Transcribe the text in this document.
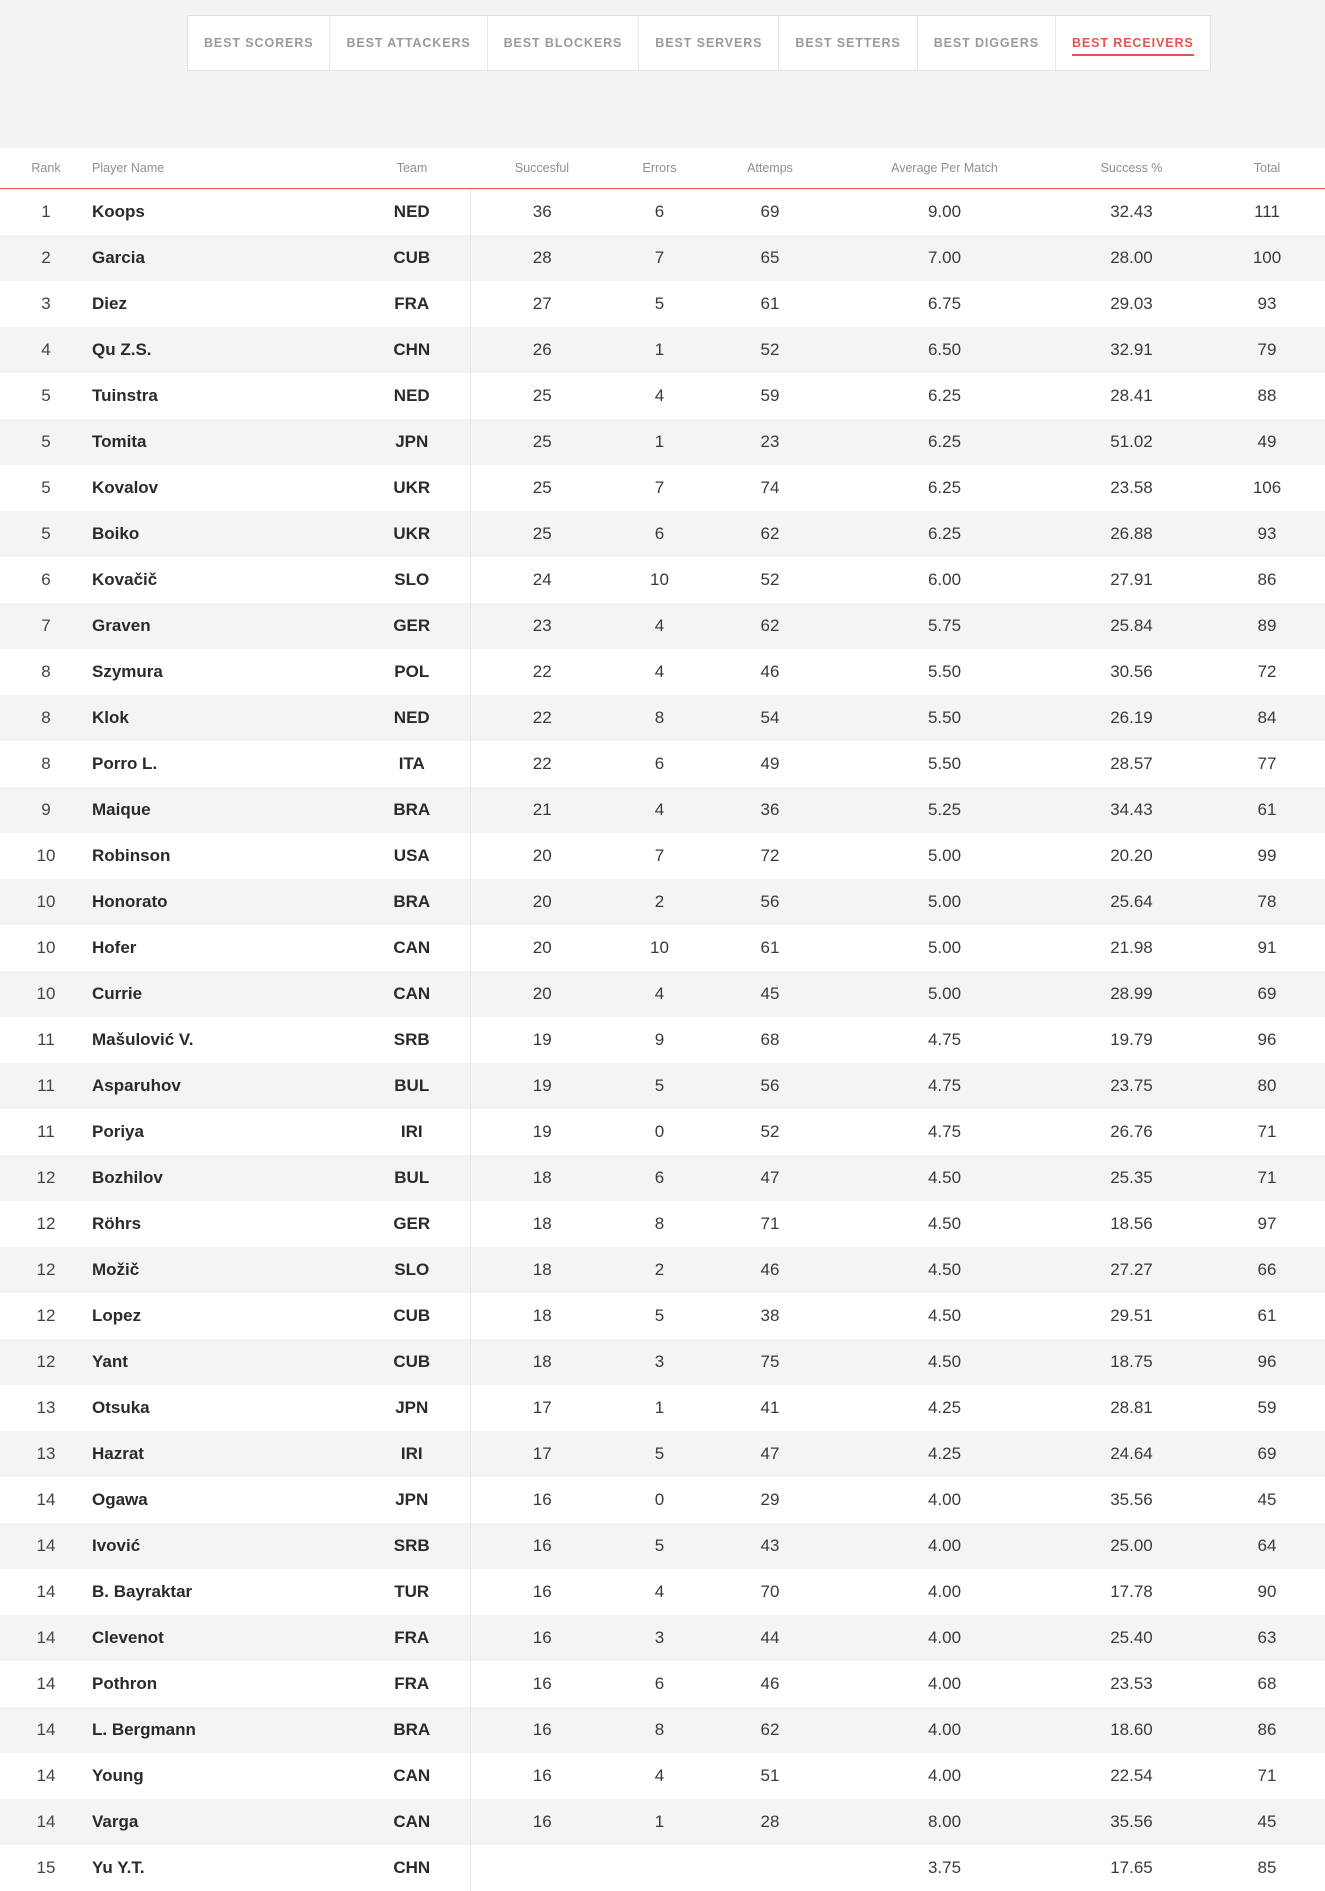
BEST SCORERS	BEST ATTACKERS	BEST BLOCKERS	BEST SERVERS	BEST SETTERS	BEST DIGGERS	BEST RECEIVERS
Rank	Player Name	Team	Succesful	Errors	Attemps	Average Per Match	Success %	Total
1	Koops	NED	36	6	69	9.00	32.43	111
2	Garcia	CUB	28	7	65	7.00	28.00	100
3	Diez	FRA	27	5	61	6.75	29.03	93
4	Qu Z.S.	CHN	26	1	52	6.50	32.91	79
5	Tuinstra	NED	25	4	59	6.25	28.41	88
5	Tomita	JPN	25	1	23	6.25	51.02	49
5	Kovalov	UKR	25	7	74	6.25	23.58	106
5	Boiko	UKR	25	6	62	6.25	26.88	93
6	Kovačič	SLO	24	10	52	6.00	27.91	86
7	Graven	GER	23	4	62	5.75	25.84	89
8	Szymura	POL	22	4	46	5.50	30.56	72
8	Klok	NED	22	8	54	5.50	26.19	84
8	Porro L.	ITA	22	6	49	5.50	28.57	77
9	Maique	BRA	21	4	36	5.25	34.43	61
10	Robinson	USA	20	7	72	5.00	20.20	99
10	Honorato	BRA	20	2	56	5.00	25.64	78
10	Hofer	CAN	20	10	61	5.00	21.98	91
10	Currie	CAN	20	4	45	5.00	28.99	69
11	Mašulović V.	SRB	19	9	68	4.75	19.79	96
11	Asparuhov	BUL	19	5	56	4.75	23.75	80
11	Poriya	IRI	19	0	52	4.75	26.76	71
12	Bozhilov	BUL	18	6	47	4.50	25.35	71
12	Röhrs	GER	18	8	71	4.50	18.56	97
12	Možič	SLO	18	2	46	4.50	27.27	66
12	Lopez	CUB	18	5	38	4.50	29.51	61
12	Yant	CUB	18	3	75	4.50	18.75	96
13	Otsuka	JPN	17	1	41	4.25	28.81	59
13	Hazrat	IRI	17	5	47	4.25	24.64	69
14	Ogawa	JPN	16	0	29	4.00	35.56	45
14	Ivović	SRB	16	5	43	4.00	25.00	64
14	B. Bayraktar	TUR	16	4	70	4.00	17.78	90
14	Clevenot	FRA	16	3	44	4.00	25.40	63
14	Pothron	FRA	16	6	46	4.00	23.53	68
14	L. Bergmann	BRA	16	8	62	4.00	18.60	86
14	Young	CAN	16	4	51	4.00	22.54	71
14	Varga	CAN	16	1	28	8.00	35.56	45
15	Yu Y.T.	CHN				3.75	17.65	85
